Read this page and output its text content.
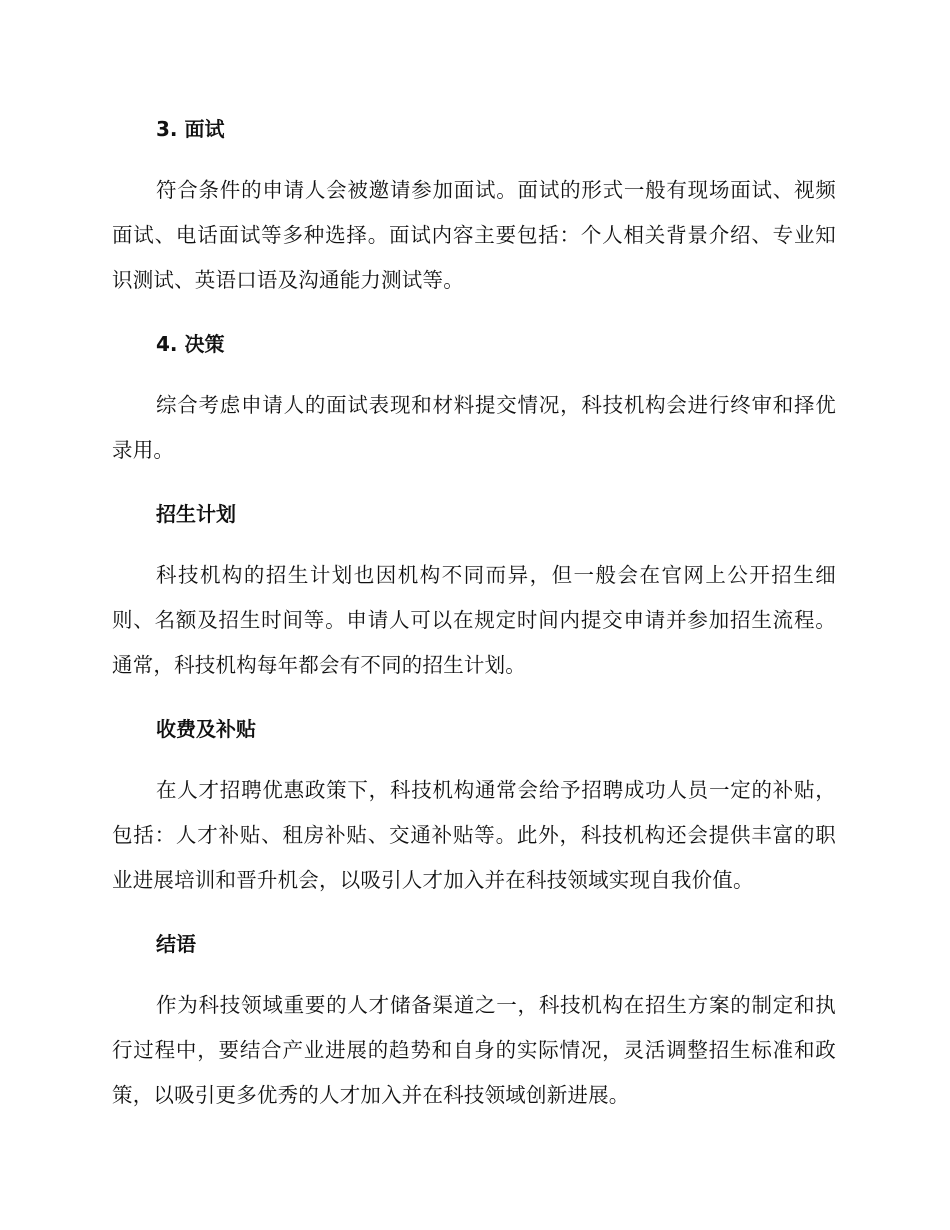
3. 面试

符合条件的申请人会被邀请参加面试。面试的形式一般有现场面试、视频面试、电话面试等多种选择。面试内容主要包括：个人相关背景介绍、专业知识测试、英语口语及沟通能力测试等。

4. 决策

综合考虑申请人的面试表现和材料提交情况，科技机构会进行终审和择优录用。

招生计划

科技机构的招生计划也因机构不同而异，但一般会在官网上公开招生细则、名额及招生时间等。申请人可以在规定时间内提交申请并参加招生流程。通常，科技机构每年都会有不同的招生计划。

收费及补贴

在人才招聘优惠政策下，科技机构通常会给予招聘成功人员一定的补贴，包括：人才补贴、租房补贴、交通补贴等。此外，科技机构还会提供丰富的职业进展培训和晋升机会，以吸引人才加入并在科技领域实现自我价值。

结语

作为科技领域重要的人才储备渠道之一，科技机构在招生方案的制定和执行过程中，要结合产业进展的趋势和自身的实际情况，灵活调整招生标准和政策，以吸引更多优秀的人才加入并在科技领域创新进展。
